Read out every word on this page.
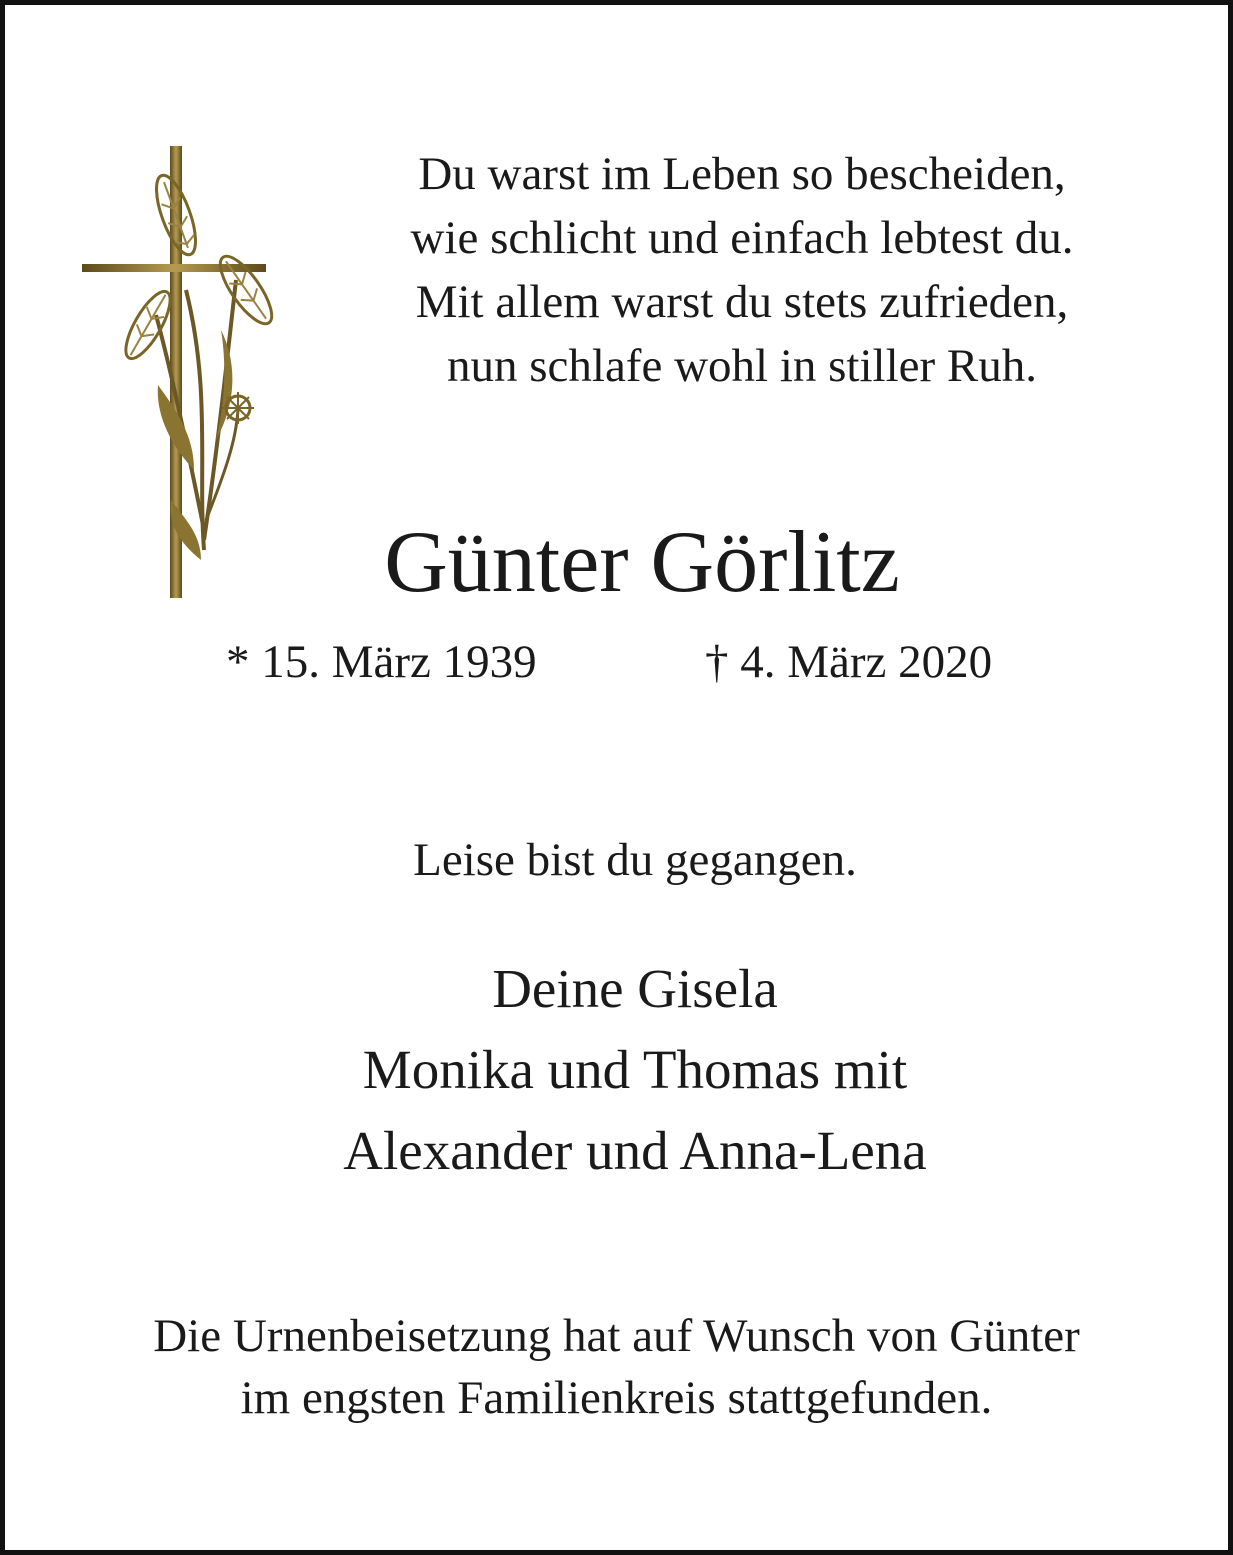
Du warst im Leben so bescheiden,
wie schlicht und einfach lebtest du.
Mit allem warst du stets zufrieden,
nun schlafe wohl in stiller Ruh.
Günter Görlitz
* 15. März 1939	† 4. März 2020
Leise bist du gegangen.
Deine Gisela
Monika und Thomas mit
Alexander und Anna-Lena
Die Urnenbeisetzung hat auf Wunsch von Günter
im engsten Familienkreis stattgefunden.
